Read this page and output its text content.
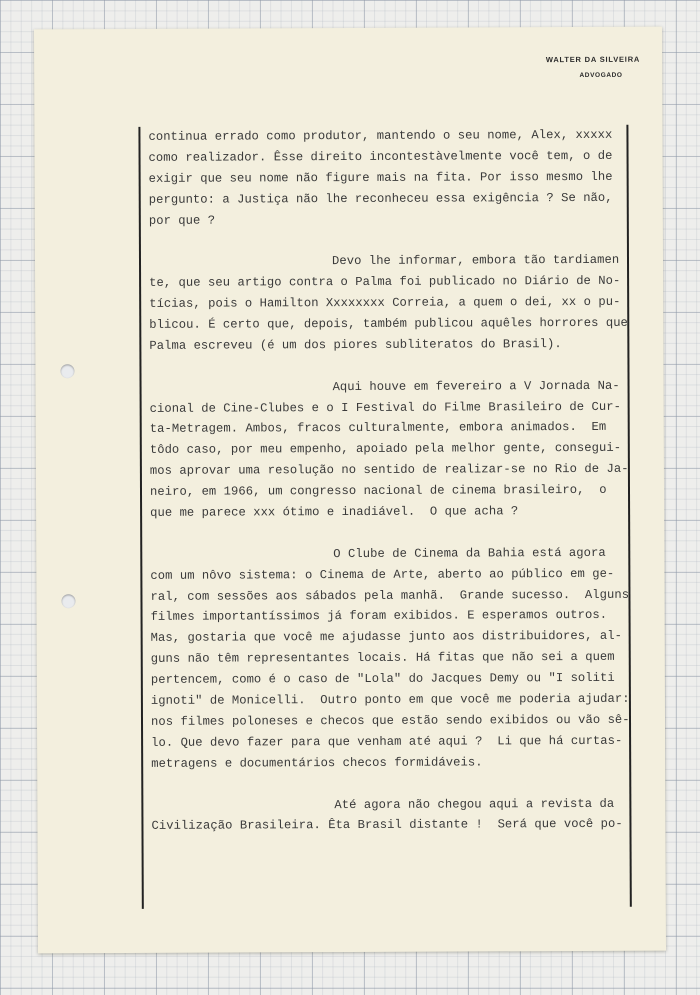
WALTER DA SILVEIRA
ADVOGADO
continua errado como produtor, mantendo o seu nome, Alex, xxxxx
como realizador. Êsse direito incontestàvelmente você tem, o de
exigir que seu nome não figure mais na fita. Por isso mesmo lhe
pergunto: a Justiça não lhe reconheceu essa exigência ? Se não,
por que ?
Devo lhe informar, embora tão tardiamen
te, que seu artigo contra o Palma foi publicado no Diário de No-
tícias, pois o Hamilton Xxxxxxxx Correia, a quem o dei, xx o pu-
blicou. É certo que, depois, também publicou aquêles horrores que
Palma escreveu (é um dos piores subliteratos do Brasil).
Aqui houve em fevereiro a V Jornada Na-
cional de Cine-Clubes e o I Festival do Filme Brasileiro de Cur-
ta-Metragem. Ambos, fracos culturalmente, embora animados.  Em
tôdo caso, por meu empenho, apoiado pela melhor gente, consegui-
mos aprovar uma resolução no sentido de realizar-se no Rio de Ja-
neiro, em 1966, um congresso nacional de cinema brasileiro,  o
que me parece xxx ótimo e inadiável.  O que acha ?
O Clube de Cinema da Bahia está agora
com um nôvo sistema: o Cinema de Arte, aberto ao público em ge-
ral, com sessões aos sábados pela manhã.  Grande sucesso.  Alguns
filmes importantíssimos já foram exibidos. E esperamos outros.
Mas, gostaria que você me ajudasse junto aos distribuidores, al-
guns não têm representantes locais. Há fitas que não sei a quem
pertencem, como é o caso de "Lola" do Jacques Demy ou "I soliti
ignoti" de Monicelli.  Outro ponto em que você me poderia ajudar:
nos filmes poloneses e checos que estão sendo exibidos ou vão sê-
lo. Que devo fazer para que venham até aqui ?  Li que há curtas-
metragens e documentários checos formidáveis.
Até agora não chegou aqui a revista da
Civilização Brasileira. Êta Brasil distante !  Será que você po-
